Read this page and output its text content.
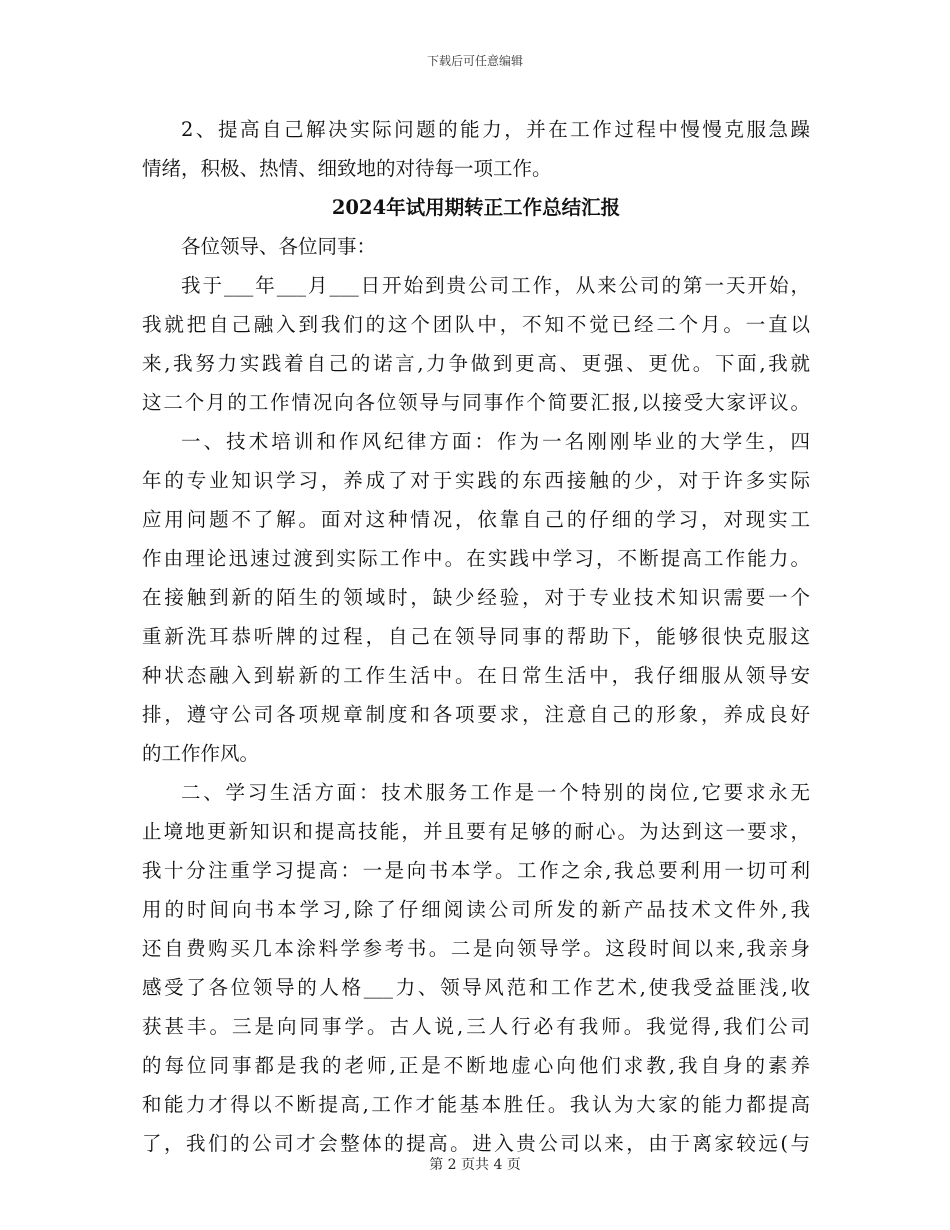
下载后可任意编辑
2、提高自己解决实际问题的能力，并在工作过程中慢慢克服急躁
情绪，积极、热情、细致地的对待每一项工作。
2024年试用期转正工作总结汇报
各位领导、各位同事：
我于___年___月___日开始到贵公司工作，从来公司的第一天开始，
我就把自己融入到我们的这个团队中，不知不觉已经二个月。一直以
来,我努力实践着自己的诺言,力争做到更高、更强、更优。下面,我就
这二个月的工作情况向各位领导与同事作个简要汇报,以接受大家评议。
一、技术培训和作风纪律方面：作为一名刚刚毕业的大学生，四
年的专业知识学习，养成了对于实践的东西接触的少，对于许多实际
应用问题不了解。面对这种情况，依靠自己的仔细的学习，对现实工
作由理论迅速过渡到实际工作中。在实践中学习，不断提高工作能力。
在接触到新的陌生的领域时，缺少经验，对于专业技术知识需要一个
重新洗耳恭听牌的过程，自己在领导同事的帮助下，能够很快克服这
种状态融入到崭新的工作生活中。在日常生活中，我仔细服从领导安
排，遵守公司各项规章制度和各项要求，注意自己的形象，养成良好
的工作作风。
二、学习生活方面：技术服务工作是一个特别的岗位,它要求永无
止境地更新知识和提高技能，并且要有足够的耐心。为达到这一要求，
我十分注重学习提高：一是向书本学。工作之余,我总要利用一切可利
用的时间向书本学习,除了仔细阅读公司所发的新产品技术文件外,我
还自费购买几本涂料学参考书。二是向领导学。这段时间以来,我亲身
感受了各位领导的人格___力、领导风范和工作艺术,使我受益匪浅,收
获甚丰。三是向同事学。古人说,三人行必有我师。我觉得,我们公司
的每位同事都是我的老师,正是不断地虚心向他们求教,我自身的素养
和能力才得以不断提高,工作才能基本胜任。我认为大家的能力都提高
了，我们的公司才会整体的提高。进入贵公司以来，由于离家较远(与
第 2 页共 4 页
